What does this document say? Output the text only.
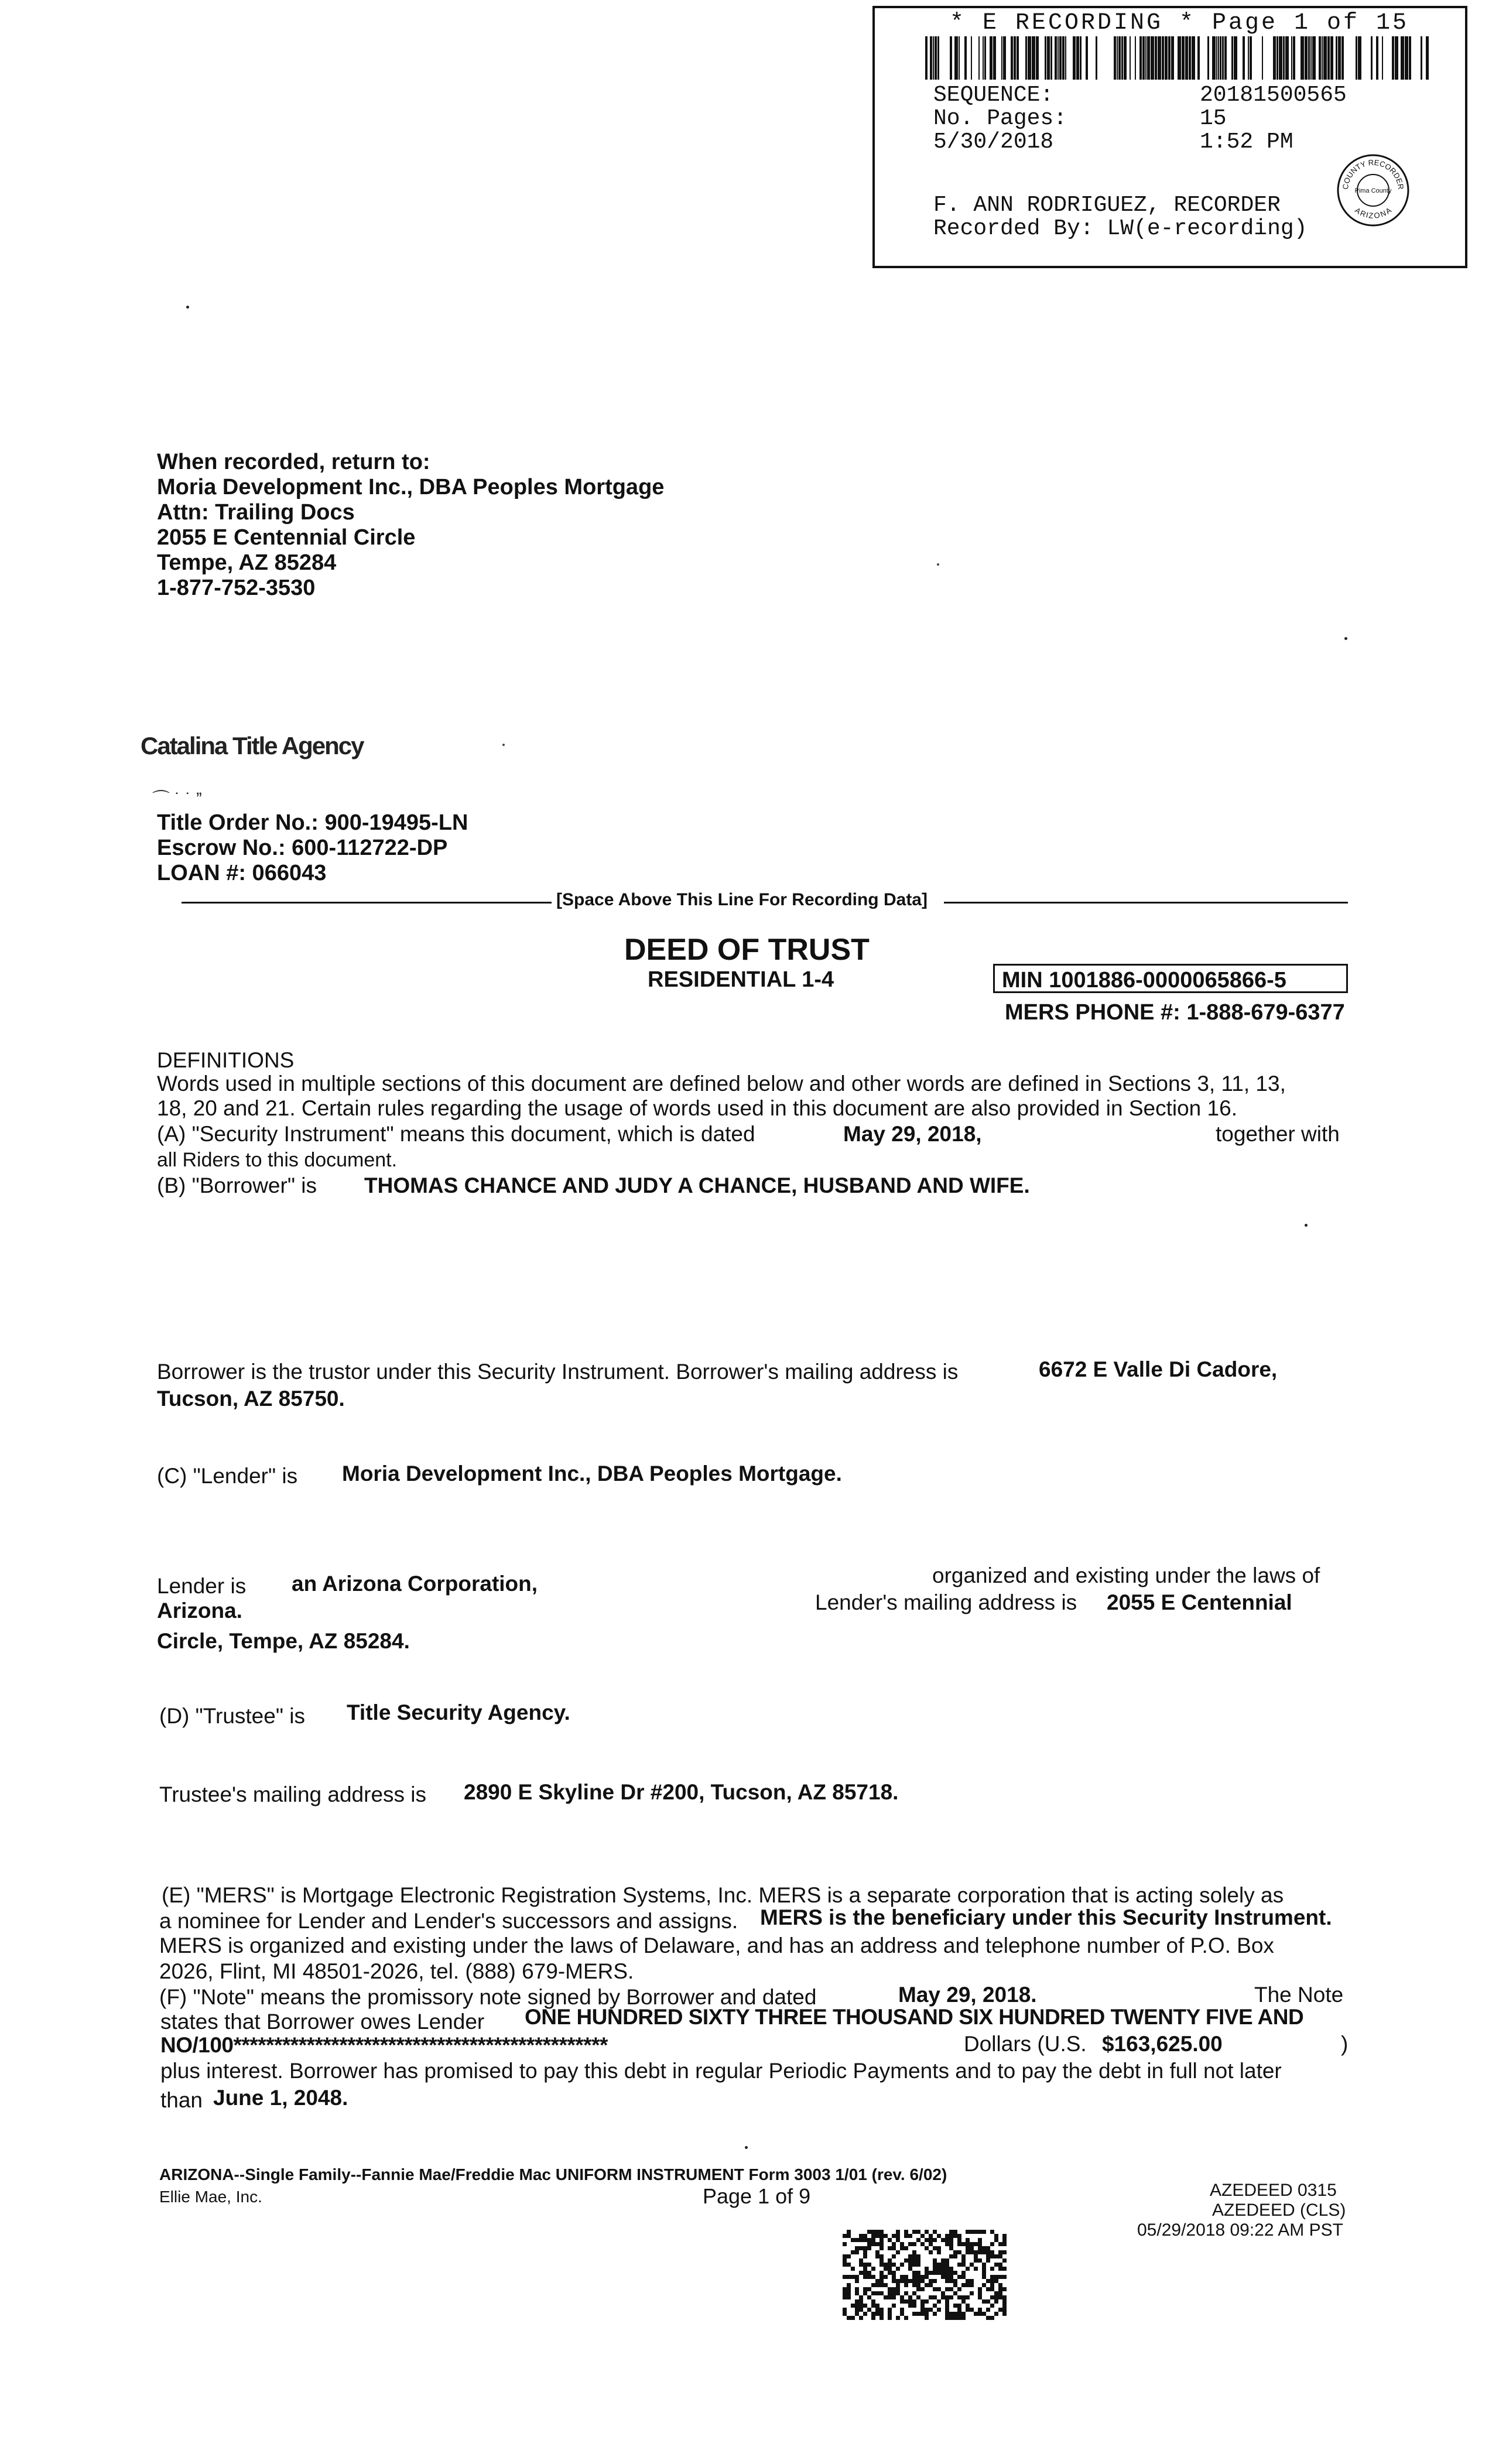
* E RECORDING * Page 1 of 15
SEQUENCE:	20181500565
No. Pages:	15
5/30/2018	1:52 PM
F. ANN RODRIGUEZ, RECORDER
Recorded By: LW(e-recording)
COUNTY RECORDER
ARIZONA
Pima County
When recorded, return to:
Moria Development Inc., DBA Peoples Mortgage
Attn: Trailing Docs
2055 E Centennial Circle
Tempe, AZ 85284
1-877-752-3530
Catalina Title Agency
⌒ ˙ ˙ ˮ
Title Order No.: 900-19495-LN
Escrow No.: 600-112722-DP
LOAN #: 066043
[Space Above This Line For Recording Data]
DEED OF TRUST
RESIDENTIAL 1-4	MIN 1001886-0000065866-5
MERS PHONE #: 1-888-679-6377
DEFINITIONS
Words used in multiple sections of this document are defined below and other words are defined in Sections 3, 11, 13,
18, 20 and 21. Certain rules regarding the usage of words used in this document are also provided in Section 16.
(A) "Security Instrument" means this document, which is dated	May 29, 2018,	together with
all Riders to this document.
(B) "Borrower" is THOMAS CHANCE AND JUDY A CHANCE, HUSBAND AND WIFE.
Borrower is the trustor under this Security Instrument. Borrower's mailing address is	6672 E Valle Di Cadore,
Tucson, AZ 85750.
(C) "Lender" is Moria Development Inc., DBA Peoples Mortgage.
Lender is an Arizona Corporation,	organized and existing under the laws of
Arizona.	Lender's mailing address is 2055 E Centennial
Circle, Tempe, AZ 85284.
(D) "Trustee" is Title Security Agency.
Trustee's mailing address is 2890 E Skyline Dr #200, Tucson, AZ 85718.
(E) "MERS" is Mortgage Electronic Registration Systems, Inc. MERS is a separate corporation that is acting solely as
a nominee for Lender and Lender's successors and assigns. MERS is the beneficiary under this Security Instrument.
MERS is organized and existing under the laws of Delaware, and has an address and telephone number of P.O. Box
2026, Flint, MI 48501-2026, tel. (888) 679-MERS.
(F) "Note" means the promissory note signed by Borrower and dated	May 29, 2018.	The Note
states that Borrower owes Lender ONE HUNDRED SIXTY THREE THOUSAND SIX HUNDRED TWENTY FIVE AND
NO/100**********************************************	Dollars (U.S. $163,625.00	)
plus interest. Borrower has promised to pay this debt in regular Periodic Payments and to pay the debt in full not later
than June 1, 2048.
ARIZONA--Single Family--Fannie Mae/Freddie Mac UNIFORM INSTRUMENT Form 3003 1/01 (rev. 6/02)
Ellie Mae, Inc.	Page 1 of 9	AZEDEED 0315
AZEDEED (CLS)
05/29/2018 09:22 AM PST
